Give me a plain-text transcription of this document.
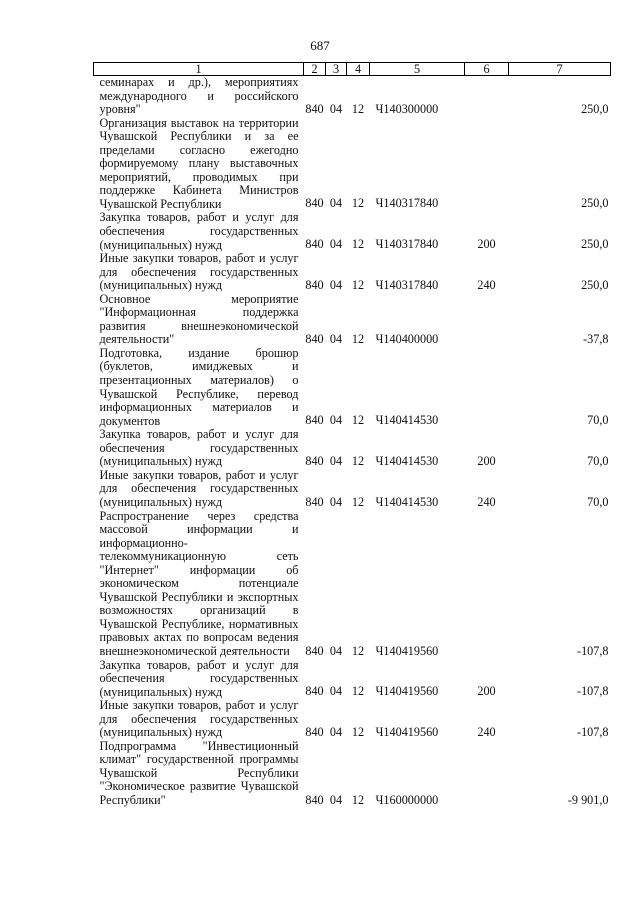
687
1	2	3	4	5	6	7
семинарах и др.), мероприятиях международного и российского уровня"	840	04	12	Ч140300000		250,0
Организация выставок на территории Чувашской Республики и за ее пределами согласно ежегодно формируемому плану выставочных мероприятий, проводимых при поддержке Кабинета Министров Чувашской Республики	840	04	12	Ч140317840		250,0
Закупка товаров, работ и услуг для обеспечения государственных (муниципальных) нужд	840	04	12	Ч140317840	200	250,0
Иные закупки товаров, работ и услуг для обеспечения государственных (муниципальных) нужд	840	04	12	Ч140317840	240	250,0
Основное мероприятие "Информационная поддержка развития внешнеэкономической деятельности"	840	04	12	Ч140400000		-37,8
Подготовка, издание брошюр (буклетов, имиджевых и презентационных материалов) о Чувашской Республике, перевод информационных материалов и документов	840	04	12	Ч140414530		70,0
Закупка товаров, работ и услуг для обеспечения государственных (муниципальных) нужд	840	04	12	Ч140414530	200	70,0
Иные закупки товаров, работ и услуг для обеспечения государственных (муниципальных) нужд	840	04	12	Ч140414530	240	70,0
Распространение через средства массовой информации и информационно-телекоммуникационную сеть "Интернет" информации об экономическом потенциале Чувашской Республики и экспортных возможностях организаций в Чувашской Республике, нормативных правовых актах по вопросам ведения внешнеэкономической деятельности	840	04	12	Ч140419560		-107,8
Закупка товаров, работ и услуг для обеспечения государственных (муниципальных) нужд	840	04	12	Ч140419560	200	-107,8
Иные закупки товаров, работ и услуг для обеспечения государственных (муниципальных) нужд	840	04	12	Ч140419560	240	-107,8
Подпрограмма "Инвестиционный климат" государственной программы Чувашской Республики "Экономическое развитие Чувашской Республики"	840	04	12	Ч160000000		-9 901,0
